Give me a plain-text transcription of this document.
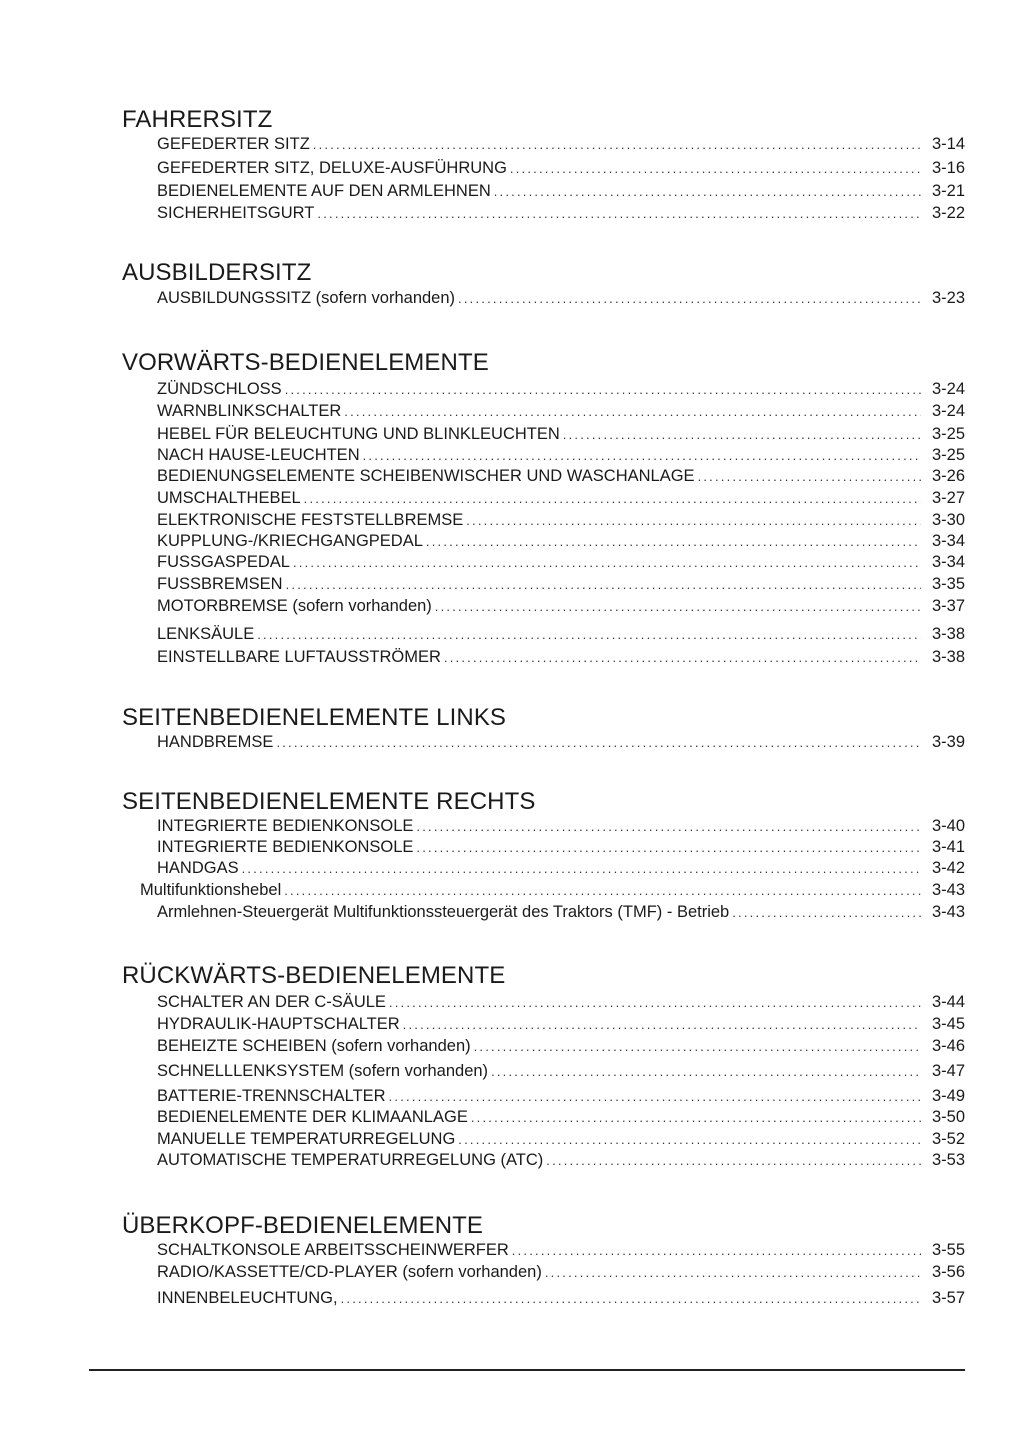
FAHRERSITZ
GEFEDERTER SITZ .....	3-14
GEFEDERTER SITZ, DELUXE-AUSFÜHRUNG .....	3-16
BEDIENELEMENTE AUF DEN ARMLEHNEN .....	3-21
SICHERHEITSGURT .....	3-22
AUSBILDERSITZ
AUSBILDUNGSSITZ (sofern vorhanden) .....	3-23
VORWÄRTS-BEDIENELEMENTE
ZÜNDSCHLOSS .....	3-24
WARNBLINKSCHALTER .....	3-24
HEBEL FÜR BELEUCHTUNG UND BLINKLEUCHTEN .....	3-25
NACH HAUSE-LEUCHTEN .....	3-25
BEDIENUNGSELEMENTE SCHEIBENWISCHER UND WASCHANLAGE .....	3-26
UMSCHALTHEBEL .....	3-27
ELEKTRONISCHE FESTSTELLBREMSE .....	3-30
KUPPLUNG-/KRIECHGANGPEDAL .....	3-34
FUSSGASPEDAL .....	3-34
FUSSBREMSEN .....	3-35
MOTORBREMSE (sofern vorhanden) .....	3-37
LENKSÄULE .....	3-38
EINSTELLBARE LUFTAUSSTRÖMER .....	3-38
SEITENBEDIENELEMENTE LINKS
HANDBREMSE .....	3-39
SEITENBEDIENELEMENTE RECHTS
INTEGRIERTE BEDIENKONSOLE .....	3-40
INTEGRIERTE BEDIENKONSOLE .....	3-41
HANDGAS .....	3-42
Multifunktionshebel .....	3-43
Armlehnen-Steuergerät Multifunktionssteuergerät des Traktors (TMF) - Betrieb .....	3-43
RÜCKWÄRTS-BEDIENELEMENTE
SCHALTER AN DER C-SÄULE .....	3-44
HYDRAULIK-HAUPTSCHALTER .....	3-45
BEHEIZTE SCHEIBEN (sofern vorhanden) .....	3-46
SCHNELLLENKSYSTEM (sofern vorhanden) .....	3-47
BATTERIE-TRENNSCHALTER .....	3-49
BEDIENELEMENTE DER KLIMAANLAGE .....	3-50
MANUELLE TEMPERATURREGELUNG .....	3-52
AUTOMATISCHE TEMPERATURREGELUNG (ATC) .....	3-53
ÜBERKOPF-BEDIENELEMENTE
SCHALTKONSOLE ARBEITSSCHEINWERFER .....	3-55
RADIO/KASSETTE/CD-PLAYER (sofern vorhanden) .....	3-56
INNENBELEUCHTUNG, .....	3-57
